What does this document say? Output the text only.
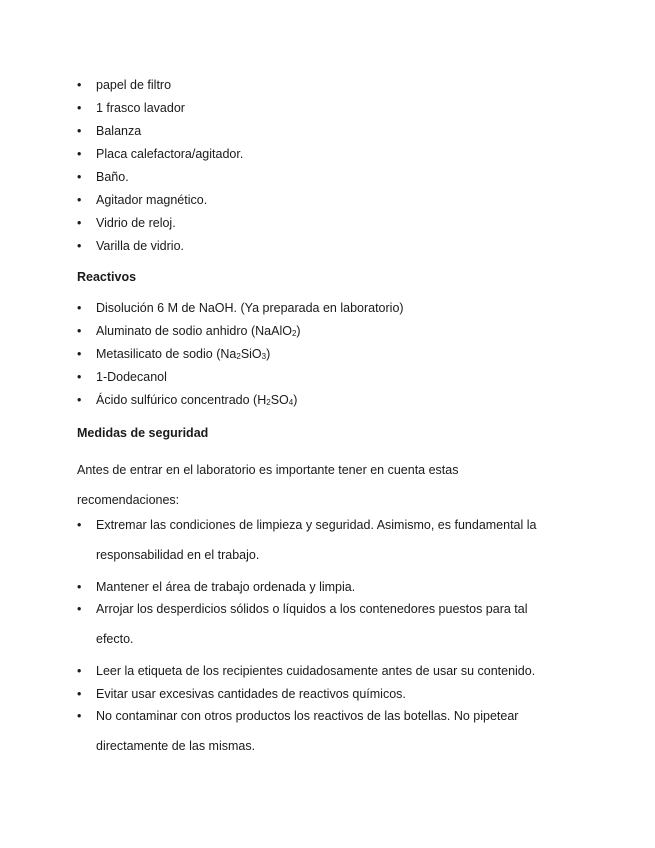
• papel de filtro
• 1 frasco lavador
• Balanza
• Placa calefactora/agitador.
• Baño.
• Agitador magnético.
• Vidrio de reloj.
• Varilla de vidrio.
Reactivos
• Disolución 6 M de NaOH. (Ya preparada en laboratorio)
• Aluminato de sodio anhidro (NaAlO$_2$)
• Metasilicato de sodio $(Na_2SiO_3)$
• 1-Dodecanol
• Ácido sulfúrico concentrado $(H_2SO_4)$
Medidas de seguridad
Antes de entrar en el laboratorio es importante tener en cuenta estas
recomendaciones:
• Extremar las condiciones de limpieza y seguridad. Asimismo, es fundamental la
responsabilidad en el trabajo.
• Mantener el área de trabajo ordenada y limpia.
• Arrojar los desperdicios sólidos o líquidos a los contenedores puestos para tal
efecto.
• Leer la etiqueta de los recipientes cuidadosamente antes de usar su contenido.
• Evitar usar excesivas cantidades de reactivos químicos.
• No contaminar con otros productos los reactivos de las botellas. No pipetear
directamente de las mismas.
